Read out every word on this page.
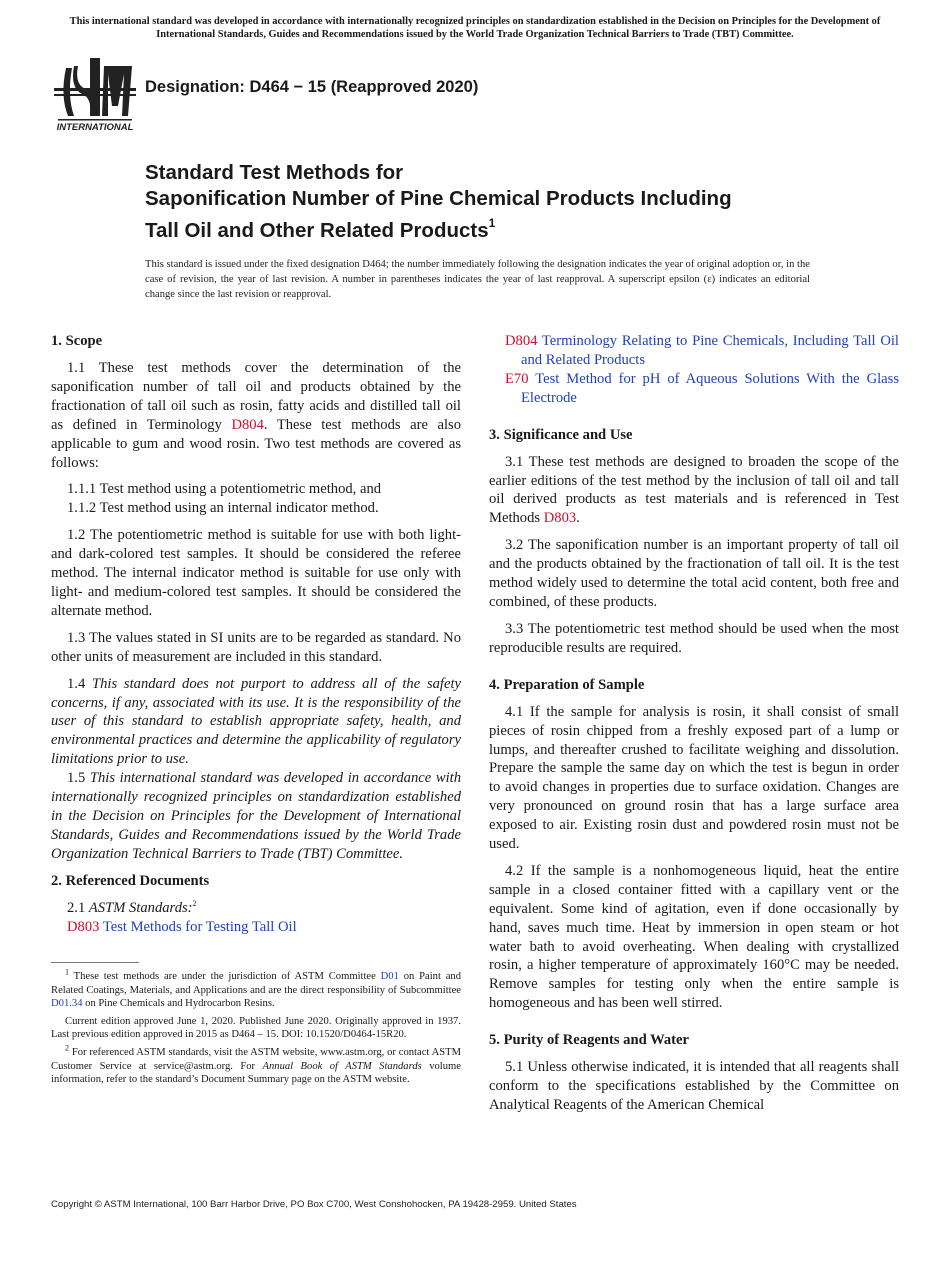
This international standard was developed in accordance with internationally recognized principles on standardization established in the Decision on Principles for the Development of International Standards, Guides and Recommendations issued by the World Trade Organization Technical Barriers to Trade (TBT) Committee.
INTERNATIONAL
Designation: D464 − 15 (Reapproved 2020)
Standard Test Methods for
Saponification Number of Pine Chemical Products Including
Tall Oil and Other Related Products$^1$
This standard is issued under the fixed designation D464; the number immediately following the designation indicates the year of original adoption or, in the case of revision, the year of last revision. A number in parentheses indicates the year of last reapproval. A superscript epsilon (ε) indicates an editorial change since the last revision or reapproval.
1. Scope

1.1 These test methods cover the determination of the saponification number of tall oil and products obtained by the fractionation of tall oil such as rosin, fatty acids and distilled tall oil as defined in Terminology D804. These test methods are also applicable to gum and wood rosin. Two test methods are covered as follows:

1.1.1 Test method using a potentiometric method, and

1.1.2 Test method using an internal indicator method.

1.2 The potentiometric method is suitable for use with both light- and dark-colored test samples. It should be considered the referee method. The internal indicator method is suitable for use only with light- and medium-colored test samples. It should be considered the alternate method.

1.3 The values stated in SI units are to be regarded as standard. No other units of measurement are included in this standard.

1.4 This standard does not purport to address all of the safety concerns, if any, associated with its use. It is the responsibility of the user of this standard to establish appropriate safety, health, and environmental practices and determine the applicability of regulatory limitations prior to use.

1.5 This international standard was developed in accordance with internationally recognized principles on standardization established in the Decision on Principles for the Development of International Standards, Guides and Recommendations issued by the World Trade Organization Technical Barriers to Trade (TBT) Committee.

2. Referenced Documents

2.1 ASTM Standards:$^2$

D803 Test Methods for Testing Tall Oil

$^1$ These test methods are under the jurisdiction of ASTM Committee D01 on Paint and Related Coatings, Materials, and Applications and are the direct responsibility of Subcommittee D01.34 on Pine Chemicals and Hydrocarbon Resins.

Current edition approved June 1, 2020. Published June 2020. Originally approved in 1937. Last previous edition approved in 2015 as D464 – 15. DOI: 10.1520/D0464-15R20.

$^2$ For referenced ASTM standards, visit the ASTM website, www.astm.org, or contact ASTM Customer Service at service@astm.org. For Annual Book of ASTM Standards volume information, refer to the standard’s Document Summary page on the ASTM website.

D804 Terminology Relating to Pine Chemicals, Including Tall Oil and Related Products
E70 Test Method for pH of Aqueous Solutions With the Glass Electrode
3. Significance and Use

3.1 These test methods are designed to broaden the scope of the earlier editions of the test method by the inclusion of tall oil and tall oil derived products as test materials and is referenced in Test Methods D803.

3.2 The saponification number is an important property of tall oil and the products obtained by the fractionation of tall oil. It is the test method widely used to determine the total acid content, both free and combined, of these products.

3.3 The potentiometric test method should be used when the most reproducible results are required.

4. Preparation of Sample

4.1 If the sample for analysis is rosin, it shall consist of small pieces of rosin chipped from a freshly exposed part of a lump or lumps, and thereafter crushed to facilitate weighing and dissolution. Prepare the sample the same day on which the test is begun in order to avoid changes in properties due to surface oxidation. Changes are very pronounced on ground rosin that has a large surface area exposed to air. Existing rosin dust and powdered rosin must not be used.

4.2 If the sample is a nonhomogeneous liquid, heat the entire sample in a closed container fitted with a capillary vent or the equivalent. Some kind of agitation, even if done occasionally by hand, saves much time. Heat by immersion in open steam or hot water bath to avoid overheating. When dealing with crystallized rosin, a higher temperature of approximately 160°C may be needed. Remove samples for testing only when the entire sample is homogeneous and has been well stirred.

5. Purity of Reagents and Water

5.1 Unless otherwise indicated, it is intended that all reagents shall conform to the specifications established by the Committee on Analytical Reagents of the American Chemical

Copyright © ASTM International, 100 Barr Harbor Drive, PO Box C700, West Conshohocken, PA 19428-2959. United States
